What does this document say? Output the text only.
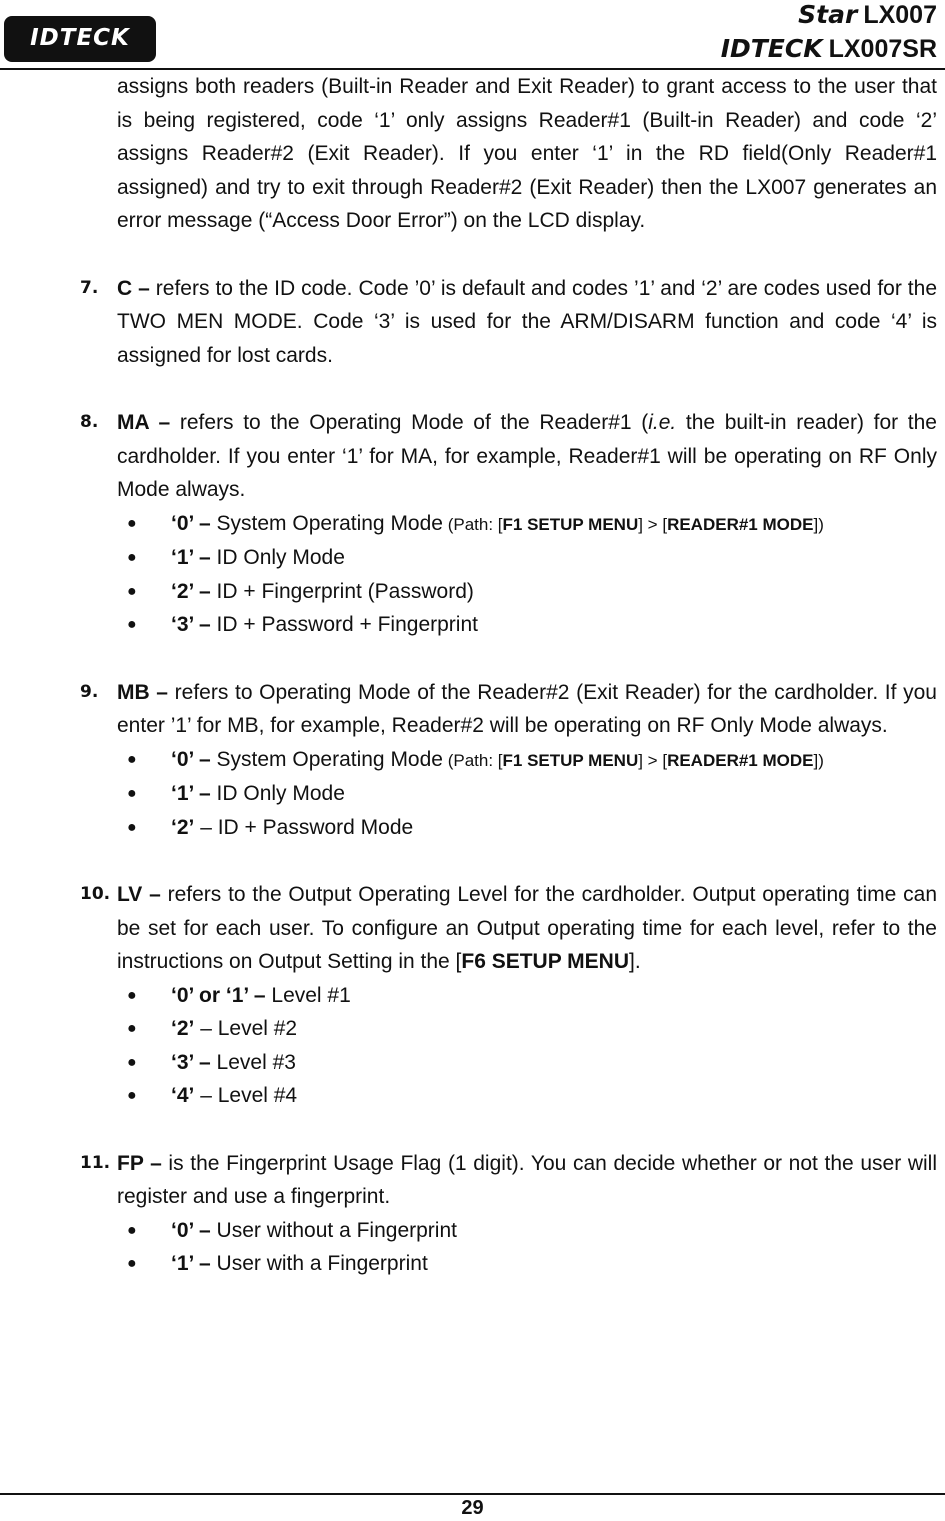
IDTECK
Star LX007
IDTECK LX007SR

assigns both readers (Built-in Reader and Exit Reader) to grant access to the user that is being registered, code ‘1’ only assigns Reader#1 (Built-in Reader) and code ‘2’ assigns Reader#2 (Exit Reader). If you enter ‘1’ in the RD field(Only Reader#1 assigned) and try to exit through Reader#2 (Exit Reader) then the LX007 generates an error message (“Access Door Error”) on the LCD display.

7. C – refers to the ID code. Code ’0’ is default and codes ’1’ and ‘2’ are codes used for the TWO MEN MODE. Code ‘3’ is used for the ARM/DISARM function and code ‘4’ is assigned for lost cards.
8. MA – refers to the Operating Mode of the Reader#1 (i.e. the built-in reader) for the cardholder. If you enter ‘1’ for MA, for example, Reader#1 will be operating on RF Only Mode always.
● ‘0’ – System Operating Mode (Path: [F1 SETUP MENU] > [READER#1 MODE])
● ‘1’ – ID Only Mode
● ‘2’ – ID + Fingerprint (Password)
● ‘3’ – ID + Password + Fingerprint
9. MB – refers to Operating Mode of the Reader#2 (Exit Reader) for the cardholder. If you enter ’1’ for MB, for example, Reader#2 will be operating on RF Only Mode always.
● ‘0’ – System Operating Mode (Path: [F1 SETUP MENU] > [READER#1 MODE])
● ‘1’ – ID Only Mode
● ‘2’ – ID + Password Mode
10. LV – refers to the Output Operating Level for the cardholder. Output operating time can be set for each user. To configure an Output operating time for each level, refer to the instructions on Output Setting in the [F6 SETUP MENU].
● ‘0’ or ‘1’ – Level #1
● ‘2’ – Level #2
● ‘3’ – Level #3
● ‘4’ – Level #4
11. FP – is the Fingerprint Usage Flag (1 digit). You can decide whether or not the user will register and use a fingerprint.
● ‘0’ – User without a Fingerprint
● ‘1’ – User with a Fingerprint
29
